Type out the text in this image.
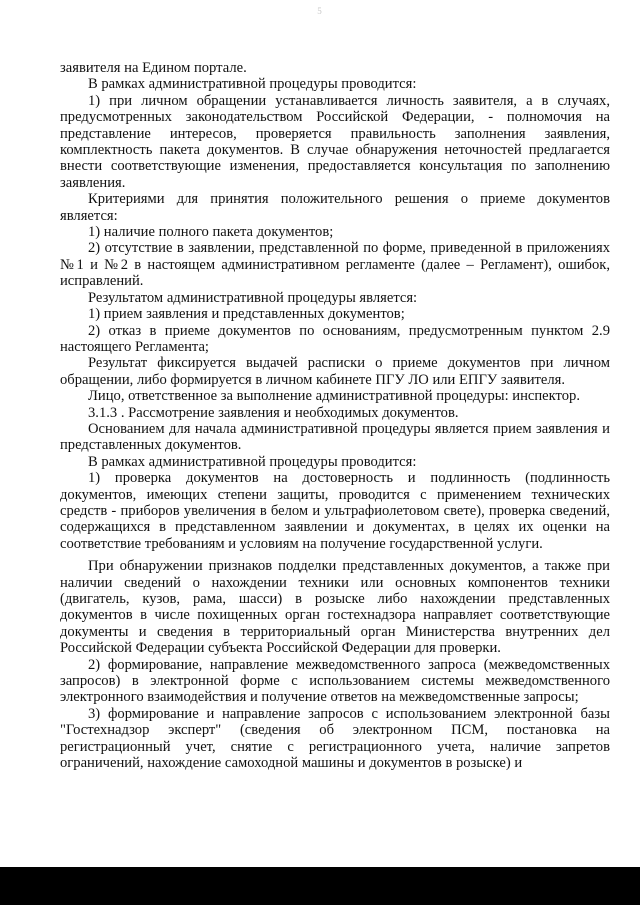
5

заявителя на Едином портале.

В рамках административной процедуры проводится:

1) при личном обращении устанавливается личность заявителя, а в случаях, предусмотренных законодательством Российской Федерации, - полномочия на представление интересов, проверяется правильность заполнения заявления, комплектность пакета документов. В случае обнаружения неточностей предлагается внести соответствующие изменения, предоставляется консультация по заполнению заявления.

Критериями для принятия положительного решения о приеме документов является:

1) наличие полного пакета документов;

2) отсутствие в заявлении, представленной по форме, приведенной в приложениях №1 и №2 в настоящем административном регламенте (далее – Регламент), ошибок, исправлений.

Результатом административной процедуры является:

1) прием заявления и представленных документов;

2) отказ в приеме документов по основаниям, предусмотренным пунктом 2.9 настоящего Регламента;

Результат фиксируется выдачей расписки о приеме документов при личном обращении, либо формируется в личном кабинете ПГУ ЛО или ЕПГУ заявителя.

Лицо, ответственное за выполнение административной процедуры: инспектор.

3.1.3 . Рассмотрение заявления и необходимых документов.

Основанием для начала административной процедуры является прием заявления и представленных документов.

В рамках административной процедуры проводится:

1) проверка документов на достоверность и подлинность (подлинность документов, имеющих степени защиты, проводится с применением технических средств - приборов увеличения в белом и ультрафиолетовом свете), проверка сведений, содержащихся в представленном заявлении и документах, в целях их оценки на соответствие требованиям и условиям на получение государственной услуги.

При обнаружении признаков подделки представленных документов, а также при наличии сведений о нахождении техники или основных компонентов техники (двигатель, кузов, рама, шасси) в розыске либо нахождении представленных документов в числе похищенных орган гостехнадзора направляет соответствующие документы и сведения в территориальный орган Министерства внутренних дел Российской Федерации субъекта Российской Федерации для проверки.

2) формирование, направление межведомственного запроса (межведомственных запросов) в электронной форме с использованием системы межведомственного электронного взаимодействия и получение ответов на межведомственные запросы;

3) формирование и направление запросов с использованием электронной базы "Гостехнадзор эксперт" (сведения об электронном ПСМ, постановка на регистрационный учет, снятие с регистрационного учета, наличие запретов ограничений, нахождение самоходной машины и документов в розыске) и
